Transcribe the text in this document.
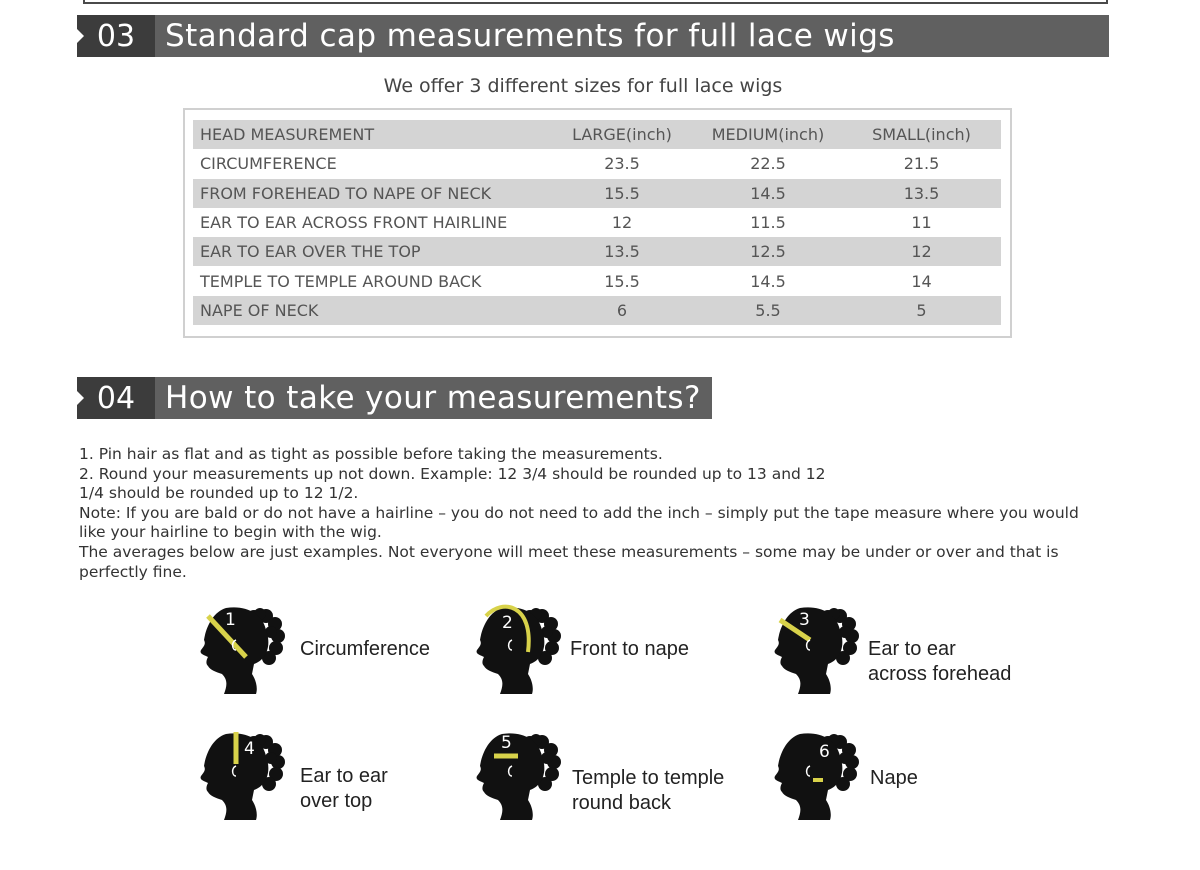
03 Standard cap measurements for full lace wigs
We offer 3 different sizes for full lace wigs
HEAD MEASUREMENT	LARGE(inch)	MEDIUM(inch)	SMALL(inch)
CIRCUMFERENCE	23.5	22.5	21.5
FROM FOREHEAD TO NAPE OF NECK	15.5	14.5	13.5
EAR TO EAR ACROSS FRONT HAIRLINE	12	11.5	11
EAR TO EAR OVER THE TOP	13.5	12.5	12
TEMPLE TO TEMPLE AROUND BACK	15.5	14.5	14
NAPE OF NECK	6	5.5	5
04 How to take your measurements?

1. Pin hair as flat and as tight as possible before taking the measurements.

2. Round your measurements up not down. Example: 12 3/4 should be rounded up to 13 and 12

1/4 should be rounded up to 12 1/2.

Note: If you are bald or do not have a hairline – you do not need to add the inch – simply put the tape measure where you would like your hairline to begin with the wig.

The averages below are just examples. Not everyone will meet these measurements – some may be under or over and that is perfectly fine.

1
Circumference
2
Front to nape
3
Ear to ear
across forehead
4
Ear to ear
over top
5
Temple to temple
round back
6
Nape
